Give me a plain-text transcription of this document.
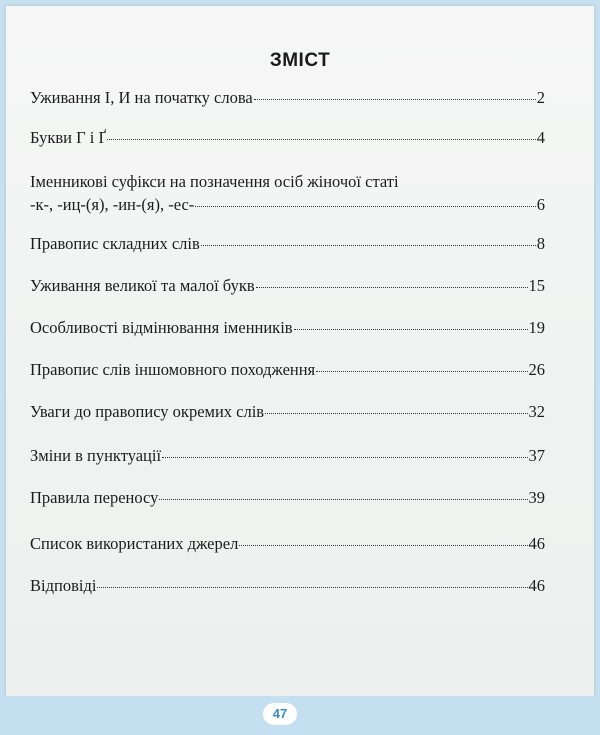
ЗМІСТ
Уживання І, И на початку слова	2
Букви Г і Ґ	4
Іменникові суфікси на позначення осіб жіночої статі
-к-, -иц-(я), -ин-(я), -ес-	6
Правопис складних слів	8
Уживання великої та малої букв	15
Особливості відмінювання іменників	19
Правопис слів іншомовного походження	26
Уваги до правопису окремих слів	32
Зміни в пунктуації	37
Правила переносу	39
Список використаних джерел	46
Відповіді	46
47
